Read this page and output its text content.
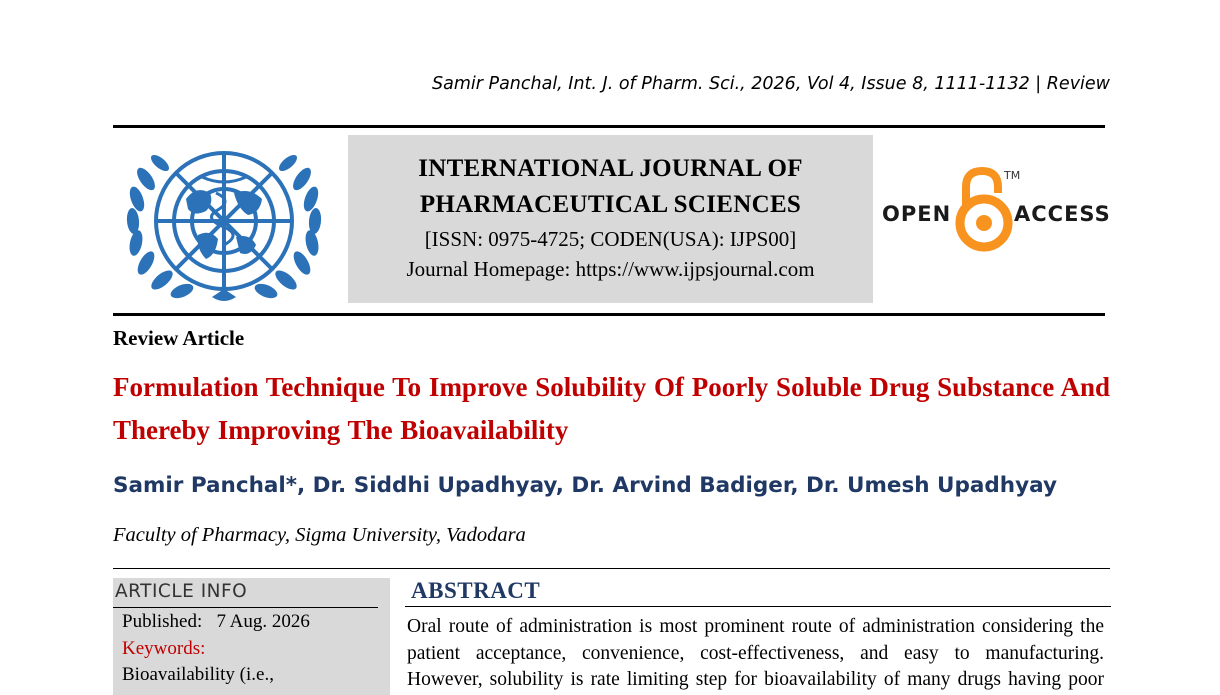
Samir Panchal, Int. J. of Pharm. Sci., 2026, Vol 4, Issue 8, 1111-1132 | Review
INTERNATIONAL JOURNAL OF
PHARMACEUTICAL SCIENCES
[ISSN: 0975-4725; CODEN(USA): IJPS00]
Journal Homepage: https://www.ijpsjournal.com
OPEN
TM
ACCESS
Review Article
Formulation Technique To Improve Solubility Of Poorly Soluble Drug Substance And Thereby Improving The Bioavailability
Samir Panchal*, Dr. Siddhi Upadhyay, Dr. Arvind Badiger, Dr. Umesh Upadhyay
Faculty of Pharmacy, Sigma University, Vadodara
ARTICLE INFO
Published: 7 Aug. 2026
Keywords:
Bioavailability (i.e.,
ABSTRACT
Oral route of administration is most prominent route of administration considering the
patient acceptance, convenience, cost-effectiveness, and easy to manufacturing.
However, solubility is rate limiting step for bioavailability of many drugs having poor
